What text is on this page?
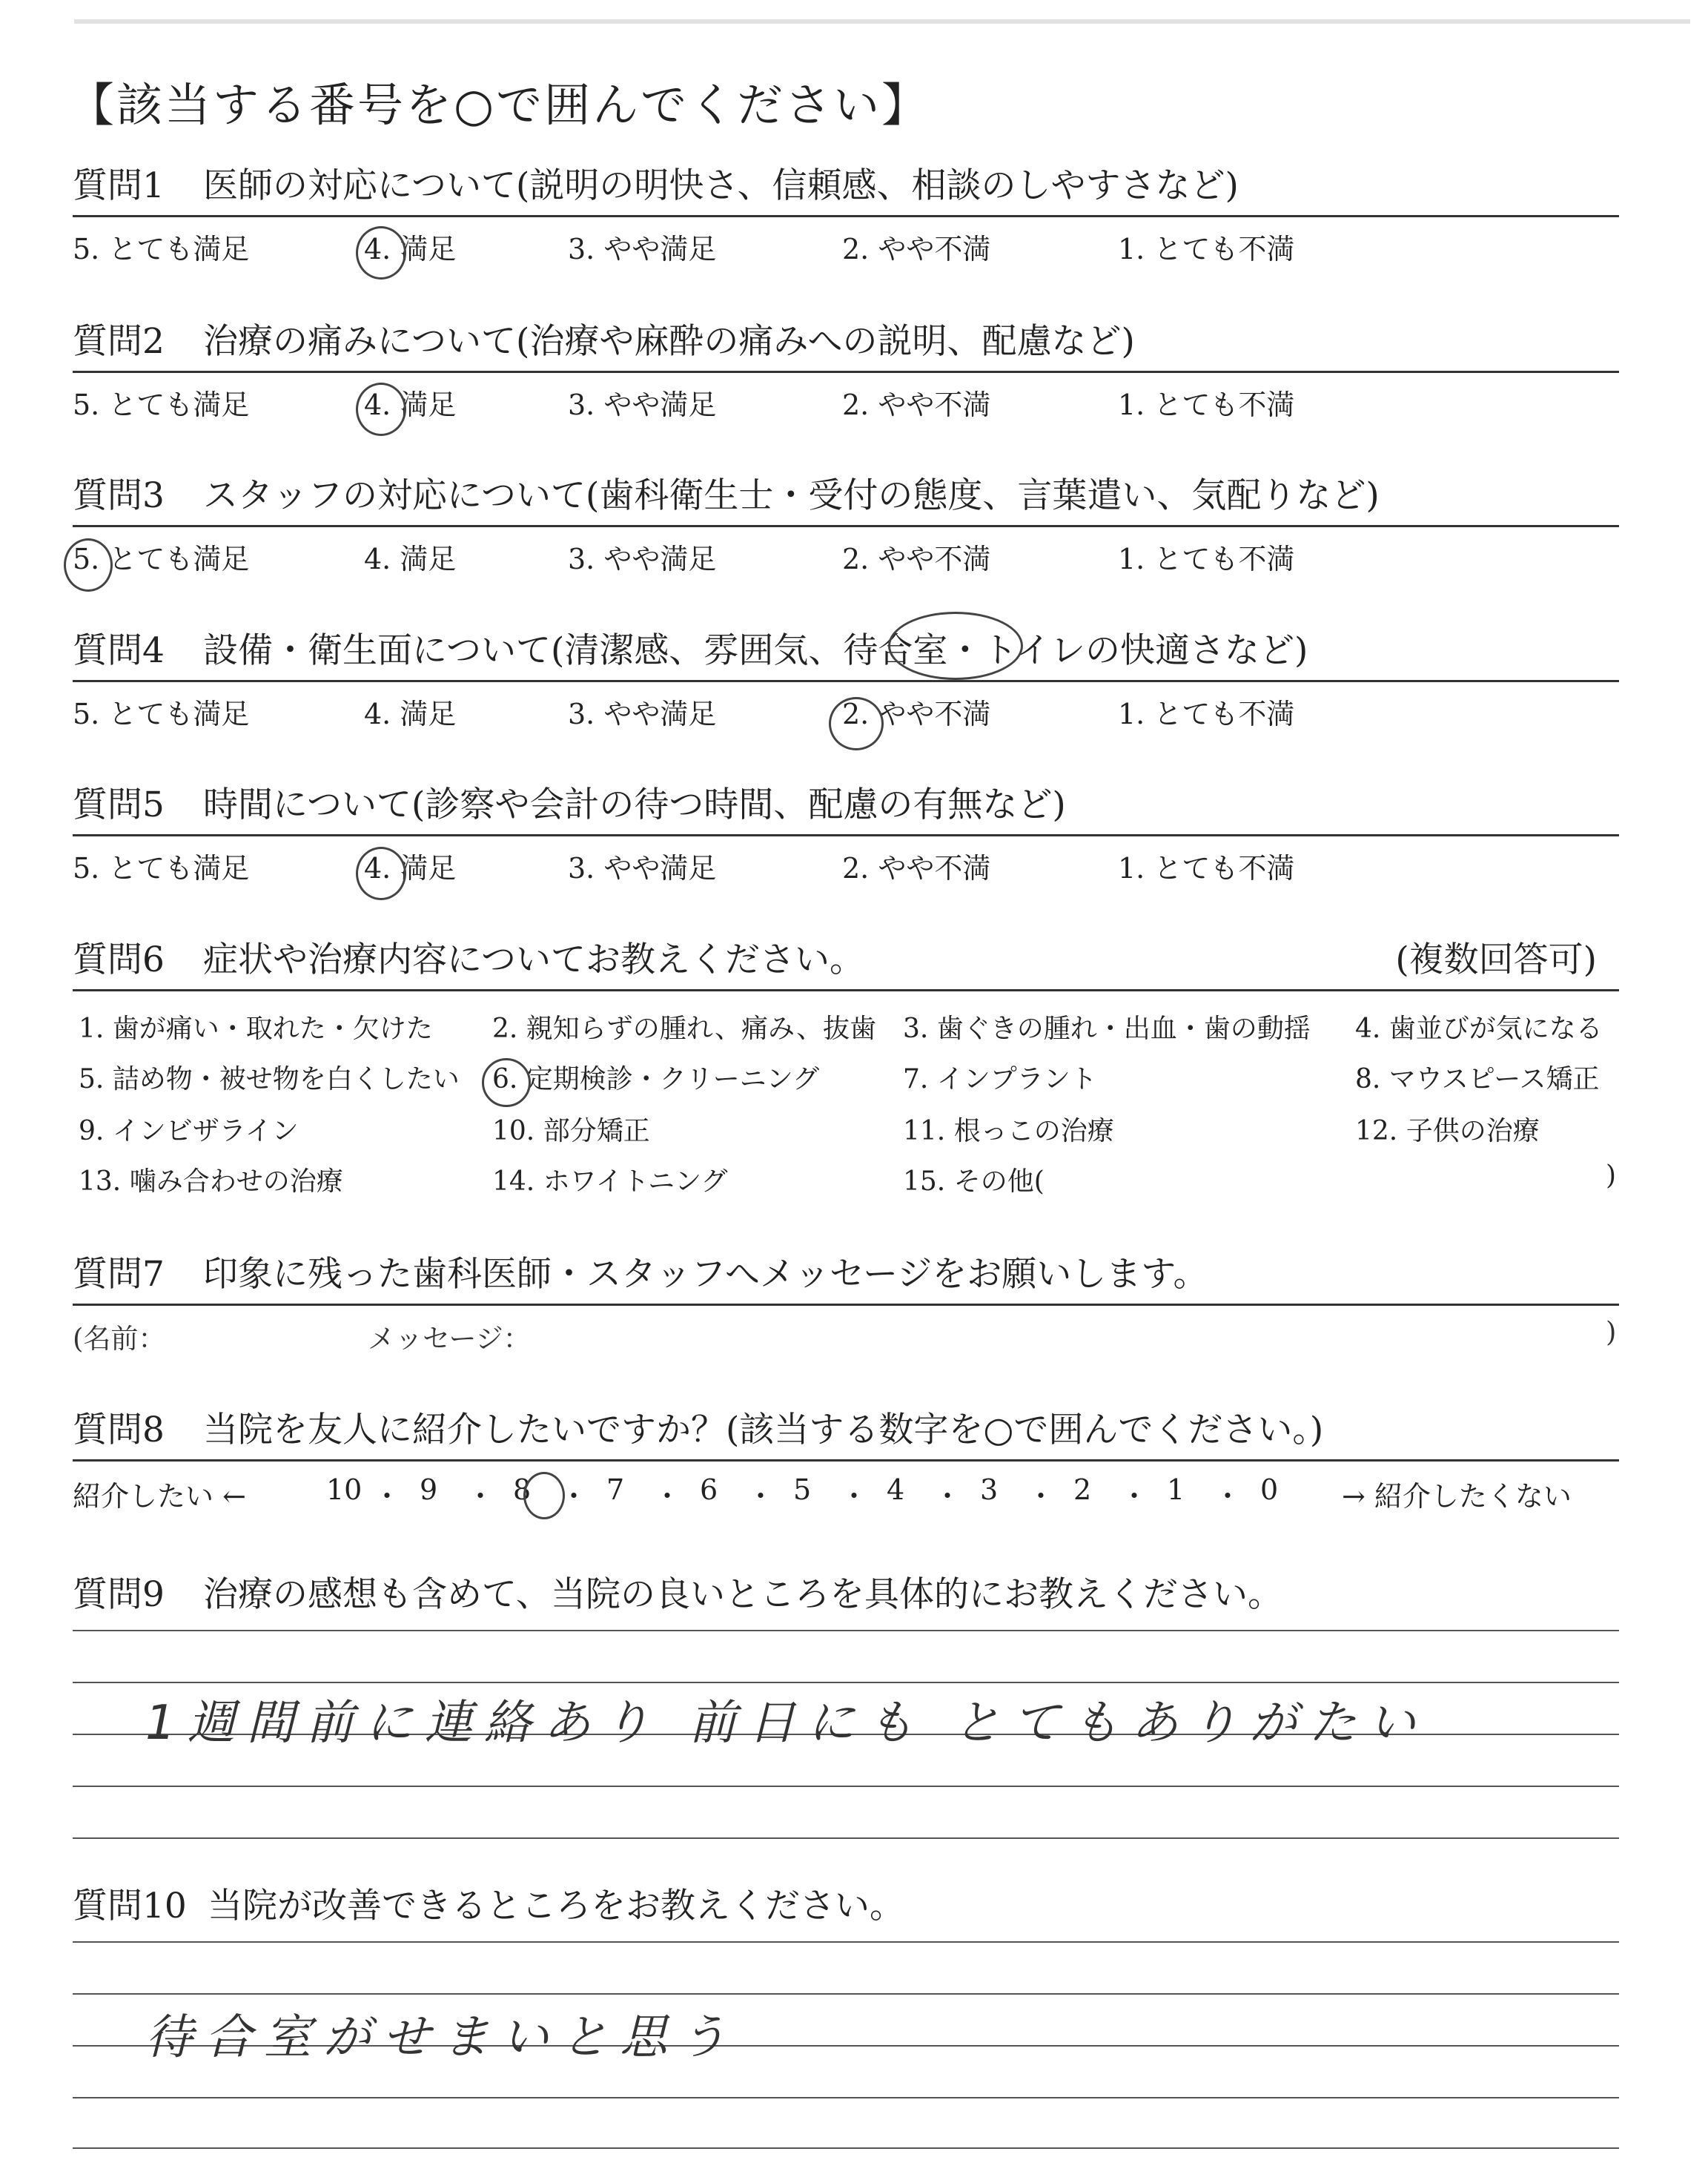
【該当する番号を○で囲んでください】
質問1 医師の対応について(説明の明快さ、信頼感、相談のしやすさなど)
5. とても満足	4. 満足	3. やや満足	2. やや不満	1. とても不満
質問2 治療の痛みについて(治療や麻酔の痛みへの説明、配慮など)
5. とても満足	4. 満足	3. やや満足	2. やや不満	1. とても不満
質問3 スタッフの対応について(歯科衛生士・受付の態度、言葉遣い、気配りなど)
5. とても満足	4. 満足	3. やや満足	2. やや不満	1. とても不満
質問4 設備・衛生面について(清潔感、雰囲気、待合室・トイレの快適さなど)
5. とても満足	4. 満足	3. やや満足	2. やや不満	1. とても不満
質問5 時間について(診察や会計の待つ時間、配慮の有無など)
5. とても満足	4. 満足	3. やや満足	2. やや不満	1. とても不満
質問6 症状や治療内容についてお教えください。	(複数回答可)
1. 歯が痛い・取れた・欠けた 2. 親知らずの腫れ、痛み、抜歯 3. 歯ぐきの腫れ・出血・歯の動揺 4. 歯並びが気になる
5. 詰め物・被せ物を白くしたい 6. 定期検診・クリーニング	7. インプラント	8. マウスピース矯正
9. インビザライン	10. 部分矯正	11. 根っこの治療	12. 子供の治療
13. 噛み合わせの治療	14. ホワイトニング	15. その他(	)
質問7 印象に残った歯科医師・スタッフへメッセージをお願いします。
(名前：	メッセージ：	)
質問8 当院を友人に紹介したいですか？(該当する数字を○で囲んでください。)
紹介したい ←	→ 紹介したくない
10 ・ 9 ・ 8 ・ 7 ・ 6 ・ 5 ・ 4 ・ 3 ・ 2 ・ 1 ・ 0
質問9 治療の感想も含めて、当院の良いところを具体的にお教えください。
1週間前に連絡あり 前日にも とてもありがたい
質問10 当院が改善できるところをお教えください。
待合室がせまいと思う
